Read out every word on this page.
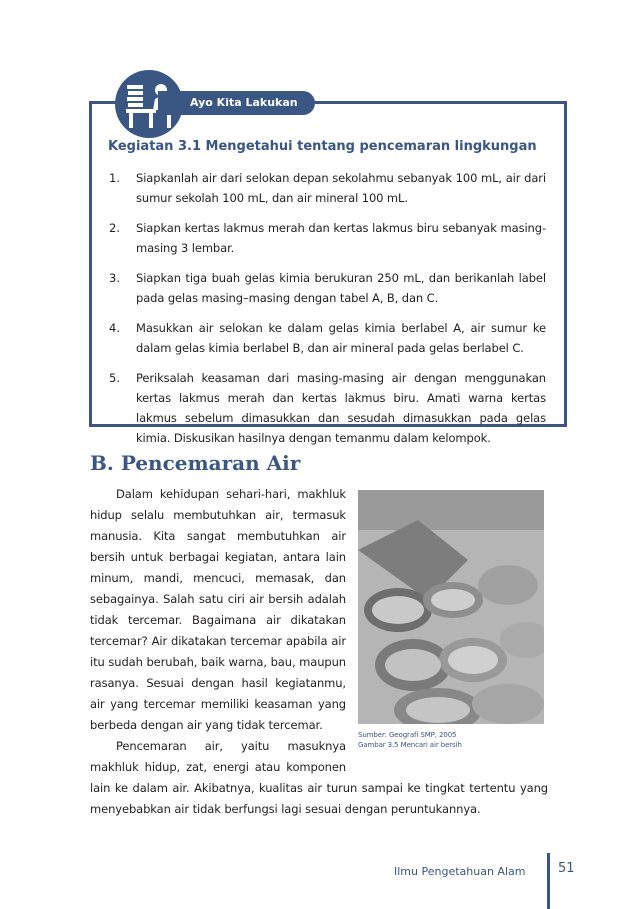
Ayo Kita Lakukan
Kegiatan 3.1 Mengetahui tentang pencemaran lingkungan
1. Siapkanlah air dari selokan depan sekolahmu sebanyak 100 mL, air dari sumur sekolah 100 mL, dan air mineral 100 mL.
2. Siapkan kertas lakmus merah dan kertas lakmus biru sebanyak masing-masing 3 lembar.
3. Siapkan tiga buah gelas kimia berukuran 250 mL, dan berikanlah label pada gelas masing–masing dengan tabel A, B, dan C.
4. Masukkan air selokan ke dalam gelas kimia berlabel A, air sumur ke dalam gelas kimia berlabel B, dan air mineral pada gelas berlabel C.
5. Periksalah keasaman dari masing-masing air dengan menggunakan kertas lakmus merah dan kertas lakmus biru. Amati warna kertas lakmus sebelum dimasukkan dan sesudah dimasukkan pada gelas kimia. Diskusikan hasilnya dengan temanmu dalam kelompok.
B. Pencemaran Air
Sumber: Geografi SMP, 2005
Gambar 3.5 Mencari air bersih
Dalam kehidupan sehari-hari, makhluk hidup selalu membutuhkan air, termasuk manusia. Kita sangat membutuhkan air bersih untuk berbagai kegiatan, antara lain minum, mandi, mencuci, memasak, dan sebagainya. Salah satu ciri air bersih adalah tidak tercemar. Bagaimana air dikatakan tercemar? Air dikatakan tercemar apabila air itu sudah berubah, baik warna, bau, maupun rasanya. Sesuai dengan hasil kegiatanmu, air yang tercemar memiliki keasaman yang berbeda dengan air yang tidak tercemar.
Pencemaran air, yaitu masuknya makhluk hidup, zat, energi atau komponen lain ke dalam air. Akibatnya, kualitas air turun sampai ke tingkat tertentu yang menyebabkan air tidak berfungsi lagi sesuai dengan peruntukannya.
Ilmu Pengetahuan Alam	51
